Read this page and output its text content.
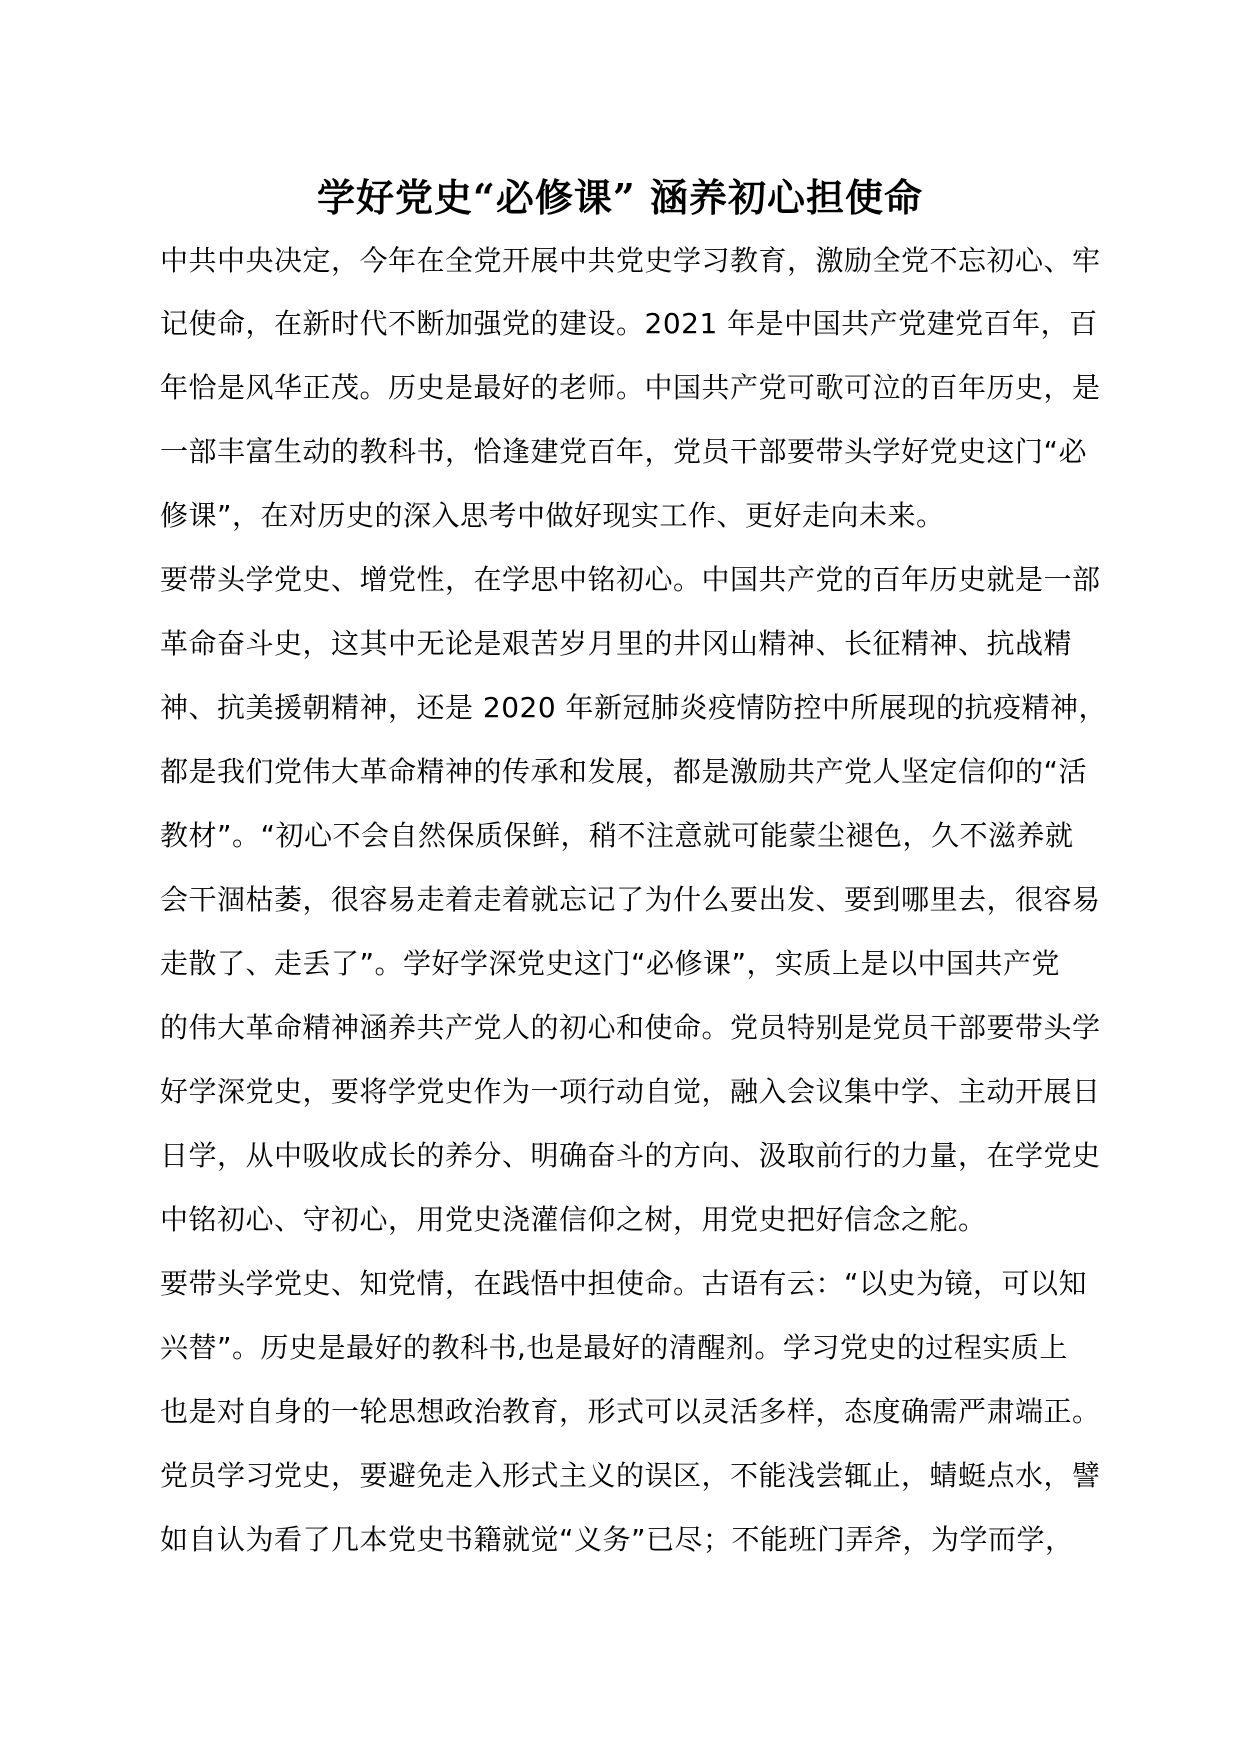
学好党史“必修课” 涵养初心担使命

中共中央决定，今年在全党开展中共党史学习教育，激励全党不忘初心、牢

记使命，在新时代不断加强党的建设。2021 年是中国共产党建党百年，百

年恰是风华正茂。历史是最好的老师。中国共产党可歌可泣的百年历史，是

一部丰富生动的教科书，恰逢建党百年，党员干部要带头学好党史这门“必

修课”，在对历史的深入思考中做好现实工作、更好走向未来。

要带头学党史、增党性，在学思中铭初心。中国共产党的百年历史就是一部

革命奋斗史，这其中无论是艰苦岁月里的井冈山精神、长征精神、抗战精

神、抗美援朝精神，还是 2020 年新冠肺炎疫情防控中所展现的抗疫精神，

都是我们党伟大革命精神的传承和发展，都是激励共产党人坚定信仰的“活

教材”。“初心不会自然保质保鲜，稍不注意就可能蒙尘褪色，久不滋养就

会干涸枯萎，很容易走着走着就忘记了为什么要出发、要到哪里去，很容易

走散了、走丢了”。学好学深党史这门“必修课”，实质上是以中国共产党

的伟大革命精神涵养共产党人的初心和使命。党员特别是党员干部要带头学

好学深党史，要将学党史作为一项行动自觉，融入会议集中学、主动开展日

日学，从中吸收成长的养分、明确奋斗的方向、汲取前行的力量，在学党史

中铭初心、守初心，用党史浇灌信仰之树，用党史把好信念之舵。

要带头学党史、知党情，在践悟中担使命。古语有云：“以史为镜，可以知

兴替”。历史是最好的教科书,也是最好的清醒剂。学习党史的过程实质上

也是对自身的一轮思想政治教育，形式可以灵活多样，态度确需严肃端正。

党员学习党史，要避免走入形式主义的误区，不能浅尝辄止，蜻蜓点水，譬

如自认为看了几本党史书籍就觉“义务”已尽；不能班门弄斧，为学而学，
